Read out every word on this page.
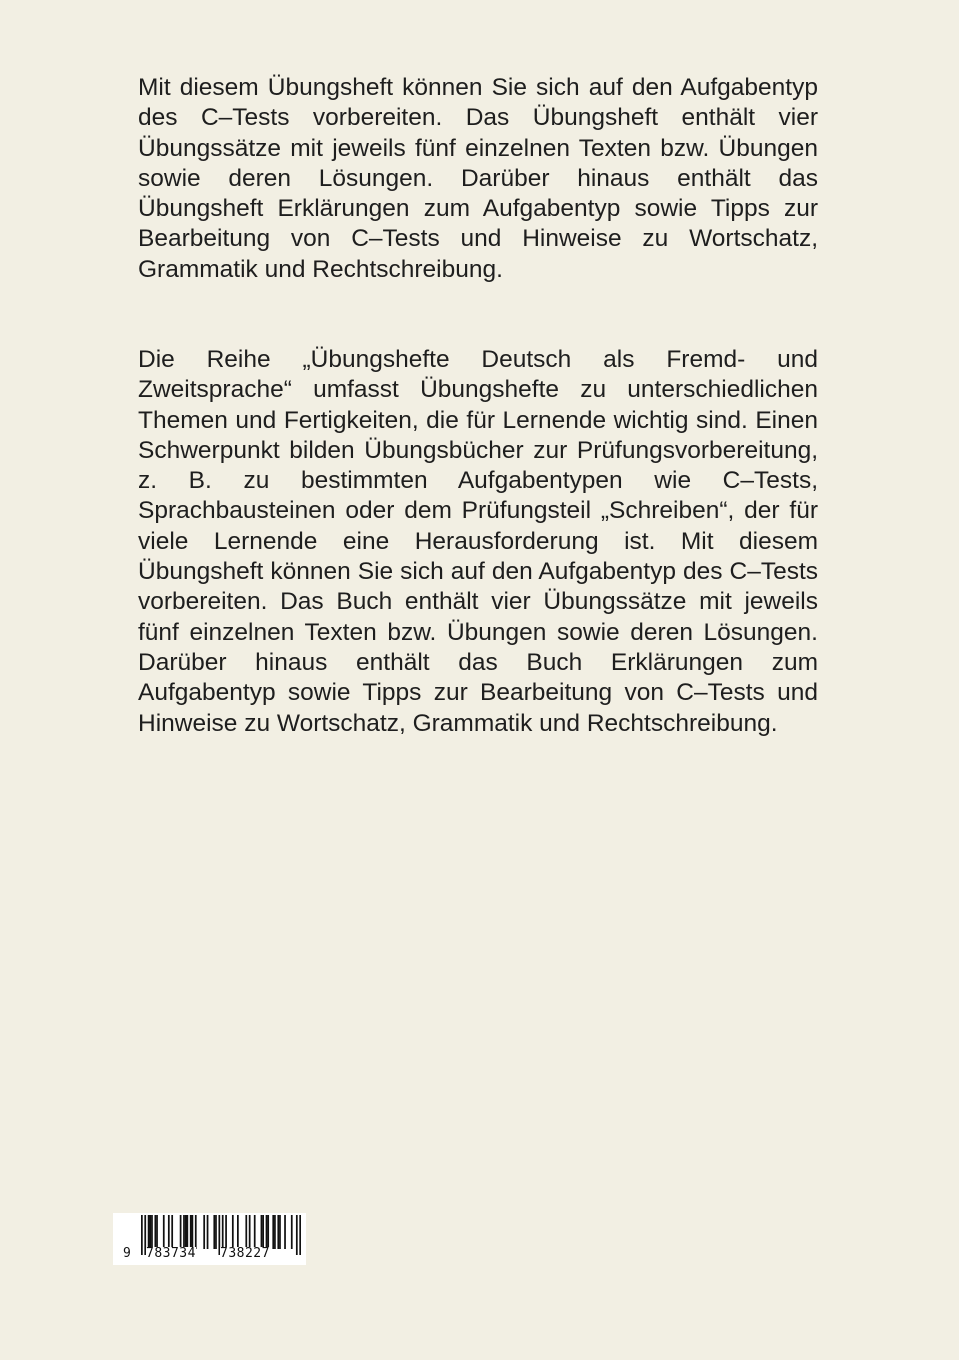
Mit diesem Übungsheft können Sie sich auf den Aufgabentyp des C–Tests vorbereiten. Das Übungsheft enthält vier Übungssätze mit jeweils fünf einzelnen Texten bzw. Übungen sowie deren Lösungen. Darüber hinaus enthält das Übungsheft Erklärungen zum Aufgabentyp sowie Tipps zur Bearbeitung von C–Tests und Hinweise zu Wortschatz, Grammatik und Rechtschreibung.

Die Reihe „Übungshefte Deutsch als Fremd- und Zweitsprache“ umfasst Übungshefte zu unterschiedlichen Themen und Fertigkeiten, die für Lernende wichtig sind. Einen Schwerpunkt bilden Übungsbücher zur Prüfungsvorbereitung, z. B. zu bestimmten Aufgabentypen wie C–Tests, Sprachbausteinen oder dem Prüfungsteil „Schreiben“, der für viele Lernende eine Herausforderung ist. Mit diesem Übungsheft können Sie sich auf den Aufgabentyp des C–Tests vorbereiten. Das Buch enthält vier Übungssätze mit jeweils fünf einzelnen Texten bzw. Übungen sowie deren Lösungen. Darüber hinaus enthält das Buch Erklärungen zum Aufgabentyp sowie Tipps zur Bearbeitung von C–Tests und Hinweise zu Wortschatz, Grammatik und Rechtschreibung.

9 783734 738227
